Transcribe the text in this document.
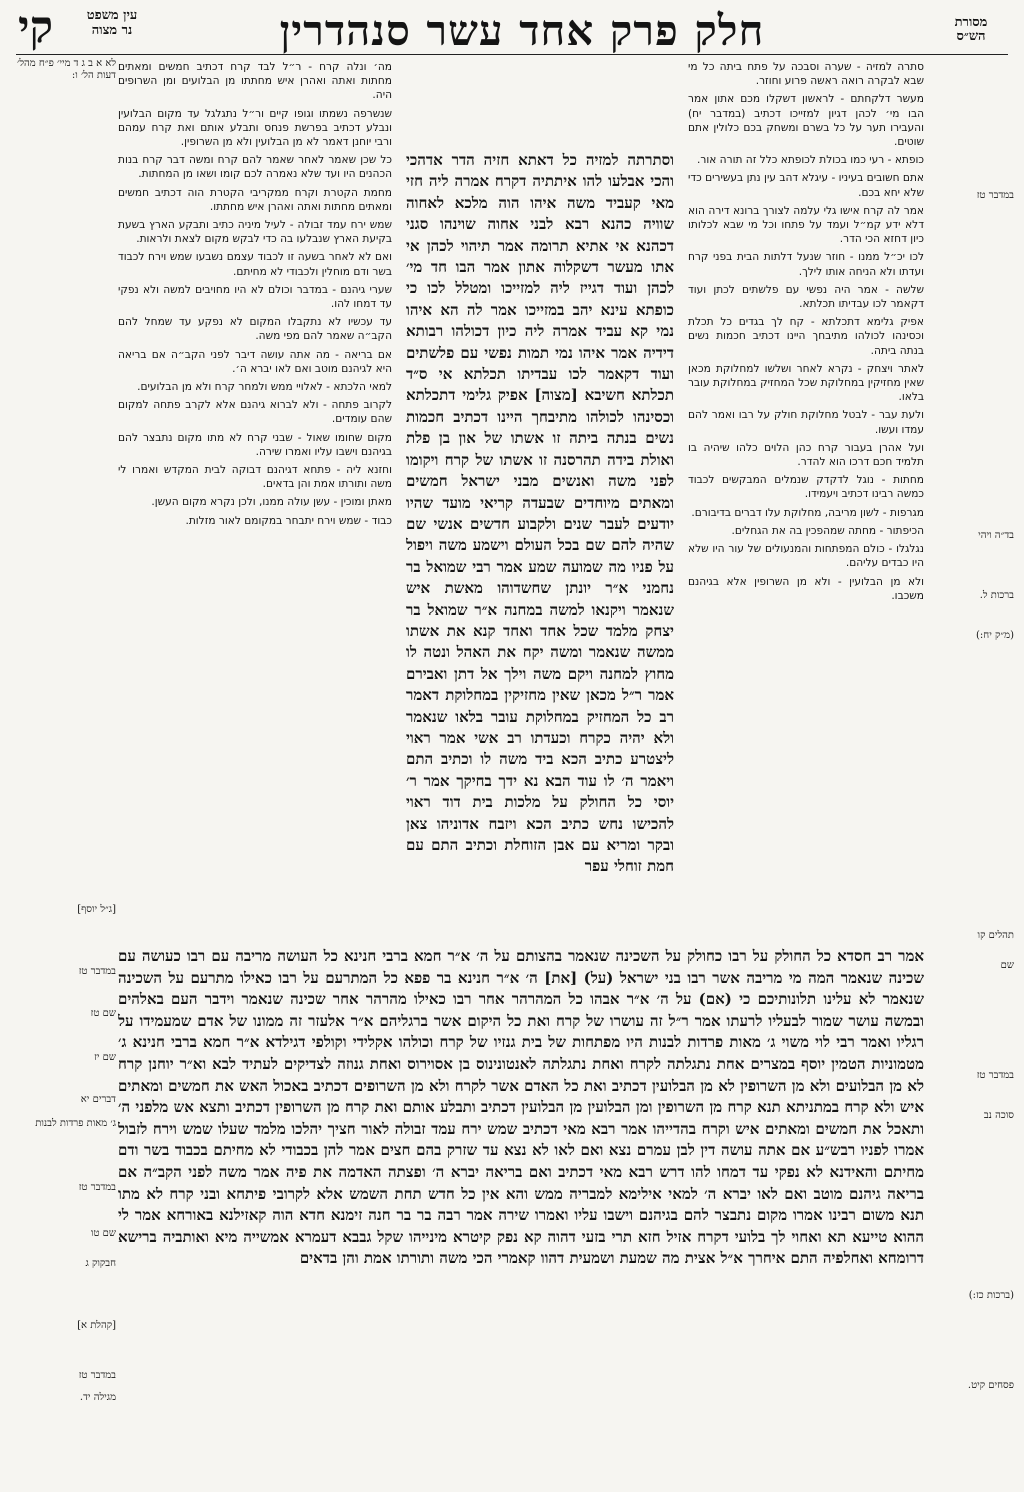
מסורת הש״ס
חלק פרק אחד עשר סנהדרין
עין משפט נר מצוה
קי
במדבר טז
בד״ה ויהי
ברכות ל.
(מ״ק יח:)
תהלים קו
שם
במדבר טז
סוכה נב
(ברכות כז:)
פסחים קיט.
לא א ב ג ד מיי׳ פ״ח מהל׳ דעות הל׳ ו:
[ג״ל יוסף]
במדבר טז
שם טז
שם יז
דברים יא
ג׳ מאות פרדות לבנות
במדבר טז
שם טו
חבקוק ג
[קהלת א]
במדבר טז
מגילה יד.

סתרה למזיה - שערה וסבכה על פתח ביתה כל מי שבא לבקרה רואה ראשה פרוע וחוזר.

מעשר דלקחתם - לראשון דשקלו מכם אתון אמר הבו מי׳ לכהן דגיון למזייכו דכתיב (במדבר יח) והעבירו תער על כל בשרם ומשחק בכם כלולין אתם שוטים.

כופתא - רעי כמו בכולת לכופתא כלל זה תורה אור.

אתם חשובים בעיניו - עיגלא דהב עין נתן בעשירים כדי שלא יחא בכם.

אמר לה קרח אישו גלי עלמה לצורך ברונא דירה הוא דלא ידע קמ״ל ועמד על פתחו וכל מי שבא לכלותו כיון דחזא הכי הדר.

לכו יכ״ל ממנו - חוזר שנעל דלתות הבית בפני קרח ועדתו ולא הניחה אותו לילך.

שלשה - אמר היה נפשי עם פלשתים לכתן ועוד דקאמר לכו עבדיתו תכלתא.

אפיק גלימא דתכלתא - קח לך בגדים כל תכלת וכסינהו לכולהו מתיבחך היינו דכתיב חכמות נשים בנתה ביתה.

לאתר ויצחק - נקרא לאחר ושלשו למחלוקת מכאן שאין מחזיקין במחלוקת שכל המחזיק במחלוקת עובר בלאו.

ולעת עבר - לבטל מחלוקת חולק על רבו ואמר להם עמדו ועשו.

ועל אהרן בעבור קרח כהן הלוים כלהו שיהיה בו תלמיד חכם דרכו הוא להדר.

מחתות - נוגל לדקדק שנמלים המבקשים לכבוד כמשה רבינו דכתיב ויעמידו.

מגרפות - לשון מריבה, מחלוקת עלו דברים בדיבורם.

הכיפתור - מחתה שמהפכין בה את הגחלים.

נגלגלו - כולם המפתחות והמנעולים של עור היו שלא היו כבדים עליהם.

ולא מן הבלועין - ולא מן השרופין אלא בגיהנם משכבו.

מה׳ ונלה קרח - ר״ל לבד קרח דכתיב חמשים ומאתים מחתות ואתה ואהרן איש מחתתו מן הבלועים ומן השרופים היה.

שנשרפה נשמתו וגופו קיים ור״ל נתגלגל עד מקום הבלועין ונבלע דכתיב בפרשת פנחס ותבלע אותם ואת קרח עמהם ורבי יוחנן דאמר לא מן הבלועין ולא מן השרופין.

כל שכן שאמר לאחר שאמר להם קרח ומשה דבר קרח בנות הכהנים היו ועד שלא נאמרה לכם קומו ושאו מן המחתות.

מחמת הקטרת וקרח ממקריבי הקטרת הוה דכתיב חמשים ומאתים מחתות ואתה ואהרן איש מחתתו.

שמש ירח עמד זבולה - לעיל מיניה כתיב ותבקע הארץ בשעת בקיעת הארץ שנבלעו בה כדי לבקש מקום לצאת ולראות.

ואם לא לאחר בשעה זו לכבוד עצמם נשבעו שמש וירח לכבוד בשר ודם מוחלין ולכבודי לא מחיתם.

שערי גיהנם - במדבר וכולם לא היו מחויבים למשה ולא נפקי עד דמחו להו.

עד עכשיו לא נתקבלו המקום לא נפקע עד שמחל להם הקב״ה שאמר להם מפי משה.

אם בריאה - מה אתה עושה דיבר לפני הקב״ה אם בריאה היא לגיהנם מוטב ואם לאו יברא ה׳.

למאי הלכתא - לאלויי ממש ולמחר קרח ולא מן הבלועים.

לקרוב פתחה - ולא לברוא גיהנם אלא לקרב פתחה למקום שהם עומדים.

מקום שחומו שאול - שבני קרח לא מתו מקום נתבצר להם בגיהנם וישבו עליו ואמרו שירה.

וחזנא ליה - פתחא דגיהנם דבוקה לבית המקדש ואמרו לי משה ותורתו אמת והן בדאים.

מאתן ומוכין - עשן עולה ממנו, ולכן נקרא מקום העשן.

כבוד - שמש וירח יתבחר במקומם לאור מזלות.

וסתרתה למזיה כל דאתא חזיה הדר אדהכי והכי אבלעו להו איתתיה דקרח אמרה ליה חזי מאי קעביד משה איהו הוה מלכא לאחוה שוויה כהנא רבא לבני אחוה שוינהו סגני דכהנא אי אתיא תרומה אמר תיהוי לכהן אי אתו מעשר דשקלוה אתון אמר הבו חד מי׳ לכהן ועוד דגייז ליה למזייכו ומטלל לכו כי כופתא עינא יהב במזייכו אמר לה הא איהו נמי קא עביד אמרה ליה כיון דכולהו רבותא דידיה אמר איהו נמי תמות נפשי עם פלשתים ועוד דקאמר לכו עבדיתו תכלתא אי ס״ד תכלתא חשיבא [מצוה] אפיק גלימי דתכלתא וכסינהו לכולהו מתיבחך היינו דכתיב חכמות נשים בנתה ביתה זו אשתו של און בן פלת ואולת בידה תהרסנה זו אשתו של קרח ויקומו לפני משה ואנשים מבני ישראל חמשים ומאתים מיוחדים שבעדה קריאי מועד שהיו יודעים לעבר שנים ולקבוע חדשים אנשי שם שהיה להם שם בכל העולם וישמע משה ויפול על פניו מה שמועה שמע אמר רבי שמואל בר נחמני א״ר יונתן שחשדוהו מאשת איש שנאמר ויקנאו למשה במחנה א״ר שמואל בר יצחק מלמד שכל אחד ואחד קנא את אשתו ממשה שנאמר ומשה יקח את האהל ונטה לו מחוץ למחנה ויקם משה וילך אל דתן ואבירם אמר ר״ל מכאן שאין מחזיקין במחלוקת דאמר רב כל המחזיק במחלוקת עובר בלאו שנאמר ולא יהיה כקרח וכעדתו רב אשי אמר ראוי ליצטרע כתיב הכא ביד משה לו וכתיב התם ויאמר ה׳ לו עוד הבא נא ידך בחיקך אמר ר׳ יוסי כל החולק על מלכות בית דוד ראוי להכישו נחש כתיב הכא ויזבח אדוניהו צאן ובקר ומריא עם אבן הזוחלת וכתיב התם עם חמת זוחלי עפר

אמר רב חסדא כל החולק על רבו כחולק על השכינה שנאמר בהצותם על ה׳ א״ר חמא ברבי חנינא כל העושה מריבה עם רבו כעושה עם שכינה שנאמר המה מי מריבה אשר רבו בני ישראל (על) [את] ה׳ א״ר חנינא בר פפא כל המתרעם על רבו כאילו מתרעם על השכינה שנאמר לא עלינו תלונותיכם כי (אם) על ה׳ א״ר אבהו כל המהרהר אחר רבו כאילו מהרהר אחר שכינה שנאמר וידבר העם באלהים ובמשה עושר שמור לבעליו לרעתו אמר ר״ל זה עושרו של קרח ואת כל היקום אשר ברגליהם א״ר אלעזר זה ממונו של אדם שמעמידו על רגליו ואמר רבי לוי משוי ג׳ מאות פרדות לבנות היו מפתחות של בית גנזיו של קרח וכולהו אקלידי וקולפי דגילדא א״ר חמא ברבי חנינא ג׳ מטמוניות הטמין יוסף במצרים אחת נתגלתה לקרח ואחת נתגלתה לאנטונינוס בן אסוירוס ואחת גנוזה לצדיקים לעתיד לבא וא״ר יוחנן קרח לא מן הבלועים ולא מן השרופין לא מן הבלועין דכתיב ואת כל האדם אשר לקרח ולא מן השרופים דכתיב באכול האש את חמשים ומאתים איש ולא קרח במתניתא תנא קרח מן השרופין ומן הבלועין מן הבלועין דכתיב ותבלע אותם ואת קרח מן השרופין דכתיב ותצא אש מלפני ה׳ ותאכל את חמשים ומאתים איש וקרח בהדייהו אמר רבא מאי דכתיב שמש ירח עמד זבולה לאור חציך יהלכו מלמד שעלו שמש וירח לזבול אמרו לפניו רבש״ע אם אתה עושה דין לבן עמרם נצא ואם לאו לא נצא עד שזרק בהם חצים אמר להן בכבודי לא מחיתם בכבוד בשר ודם מחיתם והאידנא לא נפקי עד דמחו להו דרש רבא מאי דכתיב ואם בריאה יברא ה׳ ופצתה האדמה את פיה אמר משה לפני הקב״ה אם בריאה גיהנם מוטב ואם לאו יברא ה׳ למאי אילימא למבריה ממש והא אין כל חדש תחת השמש אלא לקרובי פיתחא ובני קרח לא מתו תנא משום רבינו אמרו מקום נתבצר להם בגיהנם וישבו עליו ואמרו שירה אמר רבה בר בר חנה זימנא חדא הוה קאזילנא באורחא אמר לי ההוא טייעא תא ואחוי לך בלועי דקרח אזיל חזא תרי בזעי דהוה קא נפק קיטרא מינייהו שקל גבבא דעמרא אמשייה מיא ואותביה ברישא דרומחא ואחלפיה התם איחרך א״ל אצית מה שמעת ושמעית דהוו קאמרי הכי משה ותורתו אמת והן בדאים
